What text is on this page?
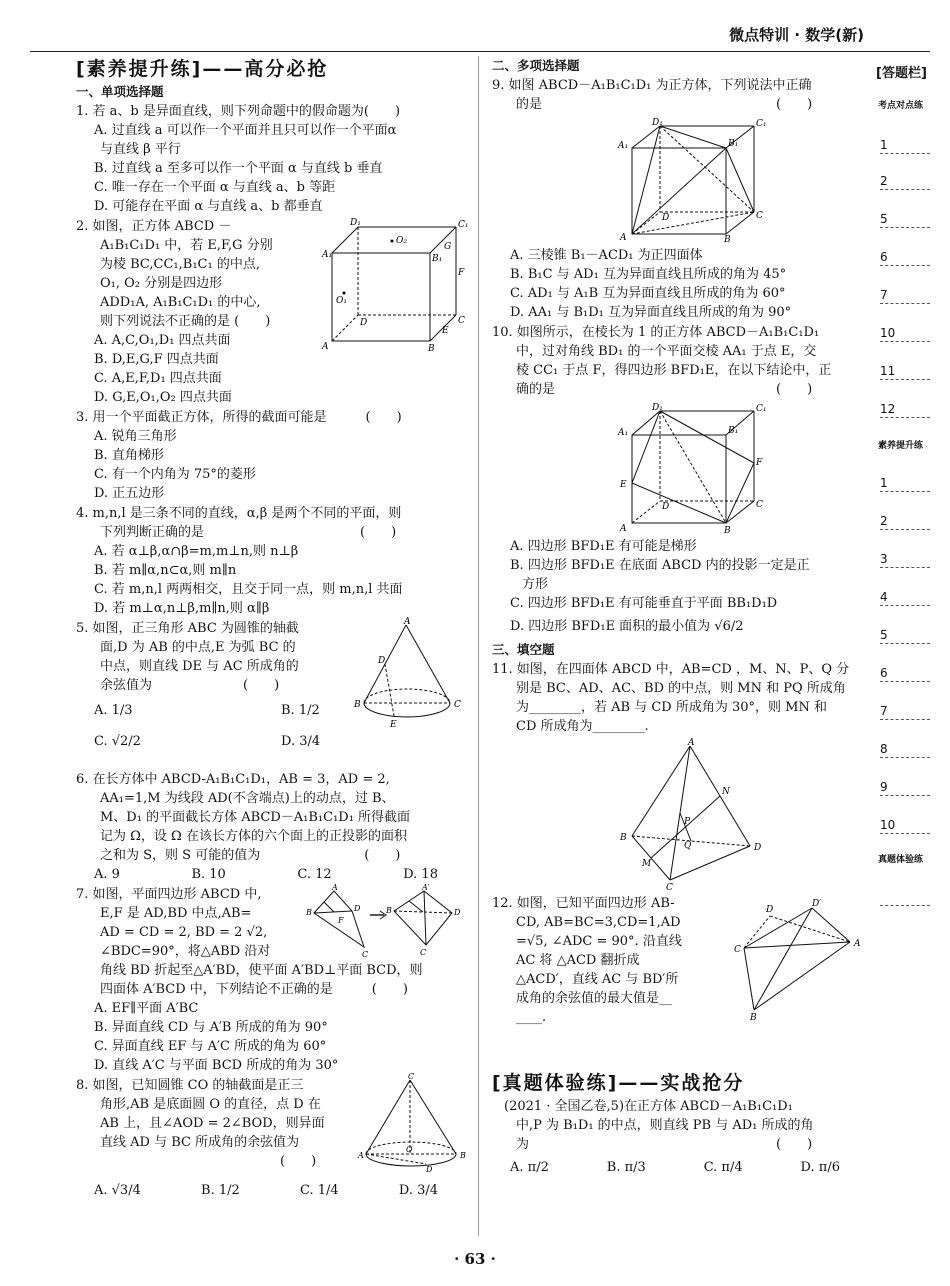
微点特训 · 数学(新)
[答题栏]
考点对点练
1
2
5
6
7
10
11
12
素养提升练
1
2
3
4
5
6
7
8
9
10
真题体验练
[素养提升练]——高分必抢
一、单项选择题
1. 若 a、b 是异面直线，则下列命题中的假命题为(　　)
A. 过直线 a 可以作一个平面并且只可以作一个平面α
与直线 β 平行
B. 过直线 a 至多可以作一个平面 α 与直线 b 垂直
C. 唯一存在一个平面 α 与直线 a、b 等距
D. 可能存在平面 α 与直线 a、b 都垂直
2. 如图，正方体 ABCD －
A₁B₁C₁D₁ 中，若 E,F,G 分别
为棱 BC,CC₁,B₁C₁ 的中点,
O₁, O₂ 分别是四边形
ADD₁A, A₁B₁C₁D₁ 的中心,
则下列说法不正确的是 (　　)
A. A,C,O₁,D₁ 四点共面
B. D,E,G,F 四点共面
C. A,E,F,D₁ 四点共面
D. G,E,O₁,O₂ 四点共面
A₁
D₁	C₁
B₁
A
D	C
B
O₂
O₁
G
F
E
3. 用一个平面截正方体，所得的截面可能是　　　(　　)
A. 锐角三角形
B. 直角梯形
C. 有一个内角为 75°的菱形
D. 正五边形
4. m,n,l 是三条不同的直线，α,β 是两个不同的平面，则
下列判断正确的是　　　　　　　　　　　　(　　)
A. 若 α⊥β,α∩β=m,m⊥n,则 n⊥β
B. 若 m∥α,n⊂α,则 m∥n
C. 若 m,n,l 两两相交，且交于同一点，则 m,n,l 共面
D. 若 m⊥α,n⊥β,m∥n,则 α∥β
5. 如图，正三角形 ABC 为圆锥的轴截
面,D 为 AB 的中点,E 为弧 BC 的
中点，则直线 DE 与 AC 所成角的
余弦值为　　　　　　　(　　)
A. 1/3	B. 1/2
C. √2/2	D. 3/4
A
D
B	C
E
6. 在长方体中 ABCD-A₁B₁C₁D₁，AB = 3，AD = 2,
AA₁=1,M 为线段 AD(不含端点)上的动点，过 B、
M、D₁ 的平面截长方体 ABCD－A₁B₁C₁D₁ 所得截面
记为 Ω，设 Ω 在该长方体的六个面上的正投影的面积
之和为 S，则 S 可能的值为　　　　　　　　(　　)
A. 9	B. 10	C. 12	D. 18
7. 如图，平面四边形 ABCD 中,
E,F 是 AD,BD 中点,AB=
AD = CD = 2, BD = 2 √2,
∠BDC=90°，将△ABD 沿对
角线 BD 折起至△A′BD，使平面 A′BD⊥平面 BCD，则
四面体 A′BCD 中，下列结论不正确的是　　　(　　)
A. EF∥平面 A′BC
B. 异面直线 CD 与 A′B 所成的角为 90°
C. 异面直线 EF 与 A′C 所成的角为 60°
D. 直线 A′C 与平面 BCD 所成的角为 30°
B
A
D
F
C
B
A′
D
C
8. 如图，已知圆锥 CO 的轴截面是正三
角形,AB 是底面圆 O 的直径，点 D 在
AB 上，且∠AOD = 2∠BOD，则异面
直线 AD 与 BC 所成角的余弦值为
(　　)
A. √3/4	B. 1/2	C. 1/4	D. 3/4
C
A	B
O
D
二、多项选择题
9. 如图 ABCD－A₁B₁C₁D₁ 为正方体，下列说法中正确
的是　　　　　　　　　　　　　　　　　　(　　)
D₁	C₁
A₁	B₁
A
D	C
B
A. 三棱锥 B₁－ACD₁ 为正四面体
B. B₁C 与 AD₁ 互为异面直线且所成的角为 45°
C. AD₁ 与 A₁B 互为异面直线且所成的角为 60°
D. AA₁ 与 B₁D₁ 互为异面直线且所成的角为 90°
10. 如图所示，在棱长为 1 的正方体 ABCD－A₁B₁C₁D₁
中，过对角线 BD₁ 的一个平面交棱 AA₁ 于点 E，交
棱 CC₁ 于点 F，得四边形 BFD₁E，在以下结论中，正
确的是　　　　　　　　　　　　　　　　　(　　)
D₁	C₁
A₁	B₁
E
F
A
D	C
B
A. 四边形 BFD₁E 有可能是梯形
B. 四边形 BFD₁E 在底面 ABCD 内的投影一定是正
方形
C. 四边形 BFD₁E 有可能垂直于平面 BB₁D₁D
D. 四边形 BFD₁E 面积的最小值为 √6/2
三、填空题
11. 如图，在四面体 ABCD 中，AB=CD ，M、N、P、Q 分
别是 BC、AD、AC、BD 的中点，则 MN 和 PQ 所成角
为________，若 AB 与 CD 所成角为 30°，则 MN 和
CD 所成角为________.
A
B
D
C
N
M
P
Q
12. 如图，已知平面四边形 AB-
CD, AB=BC=3,CD=1,AD
=√5, ∠ADC = 90°. 沿直线
AC 将 △ACD 翻折成
△ACD′，直线 AC 与 BD′所
成角的余弦值的最大值是__
____.
D
D′
C
A
B
[真题体验练]——实战抢分
(2021 · 全国乙卷,5)在正方体 ABCD－A₁B₁C₁D₁
中,P 为 B₁D₁ 的中点，则直线 PB 与 AD₁ 所成的角
为　　　　　　　　　　　　　　　　　　　(　　)
A. π/2	B. π/3	C. π/4	D. π/6
· 63 ·
